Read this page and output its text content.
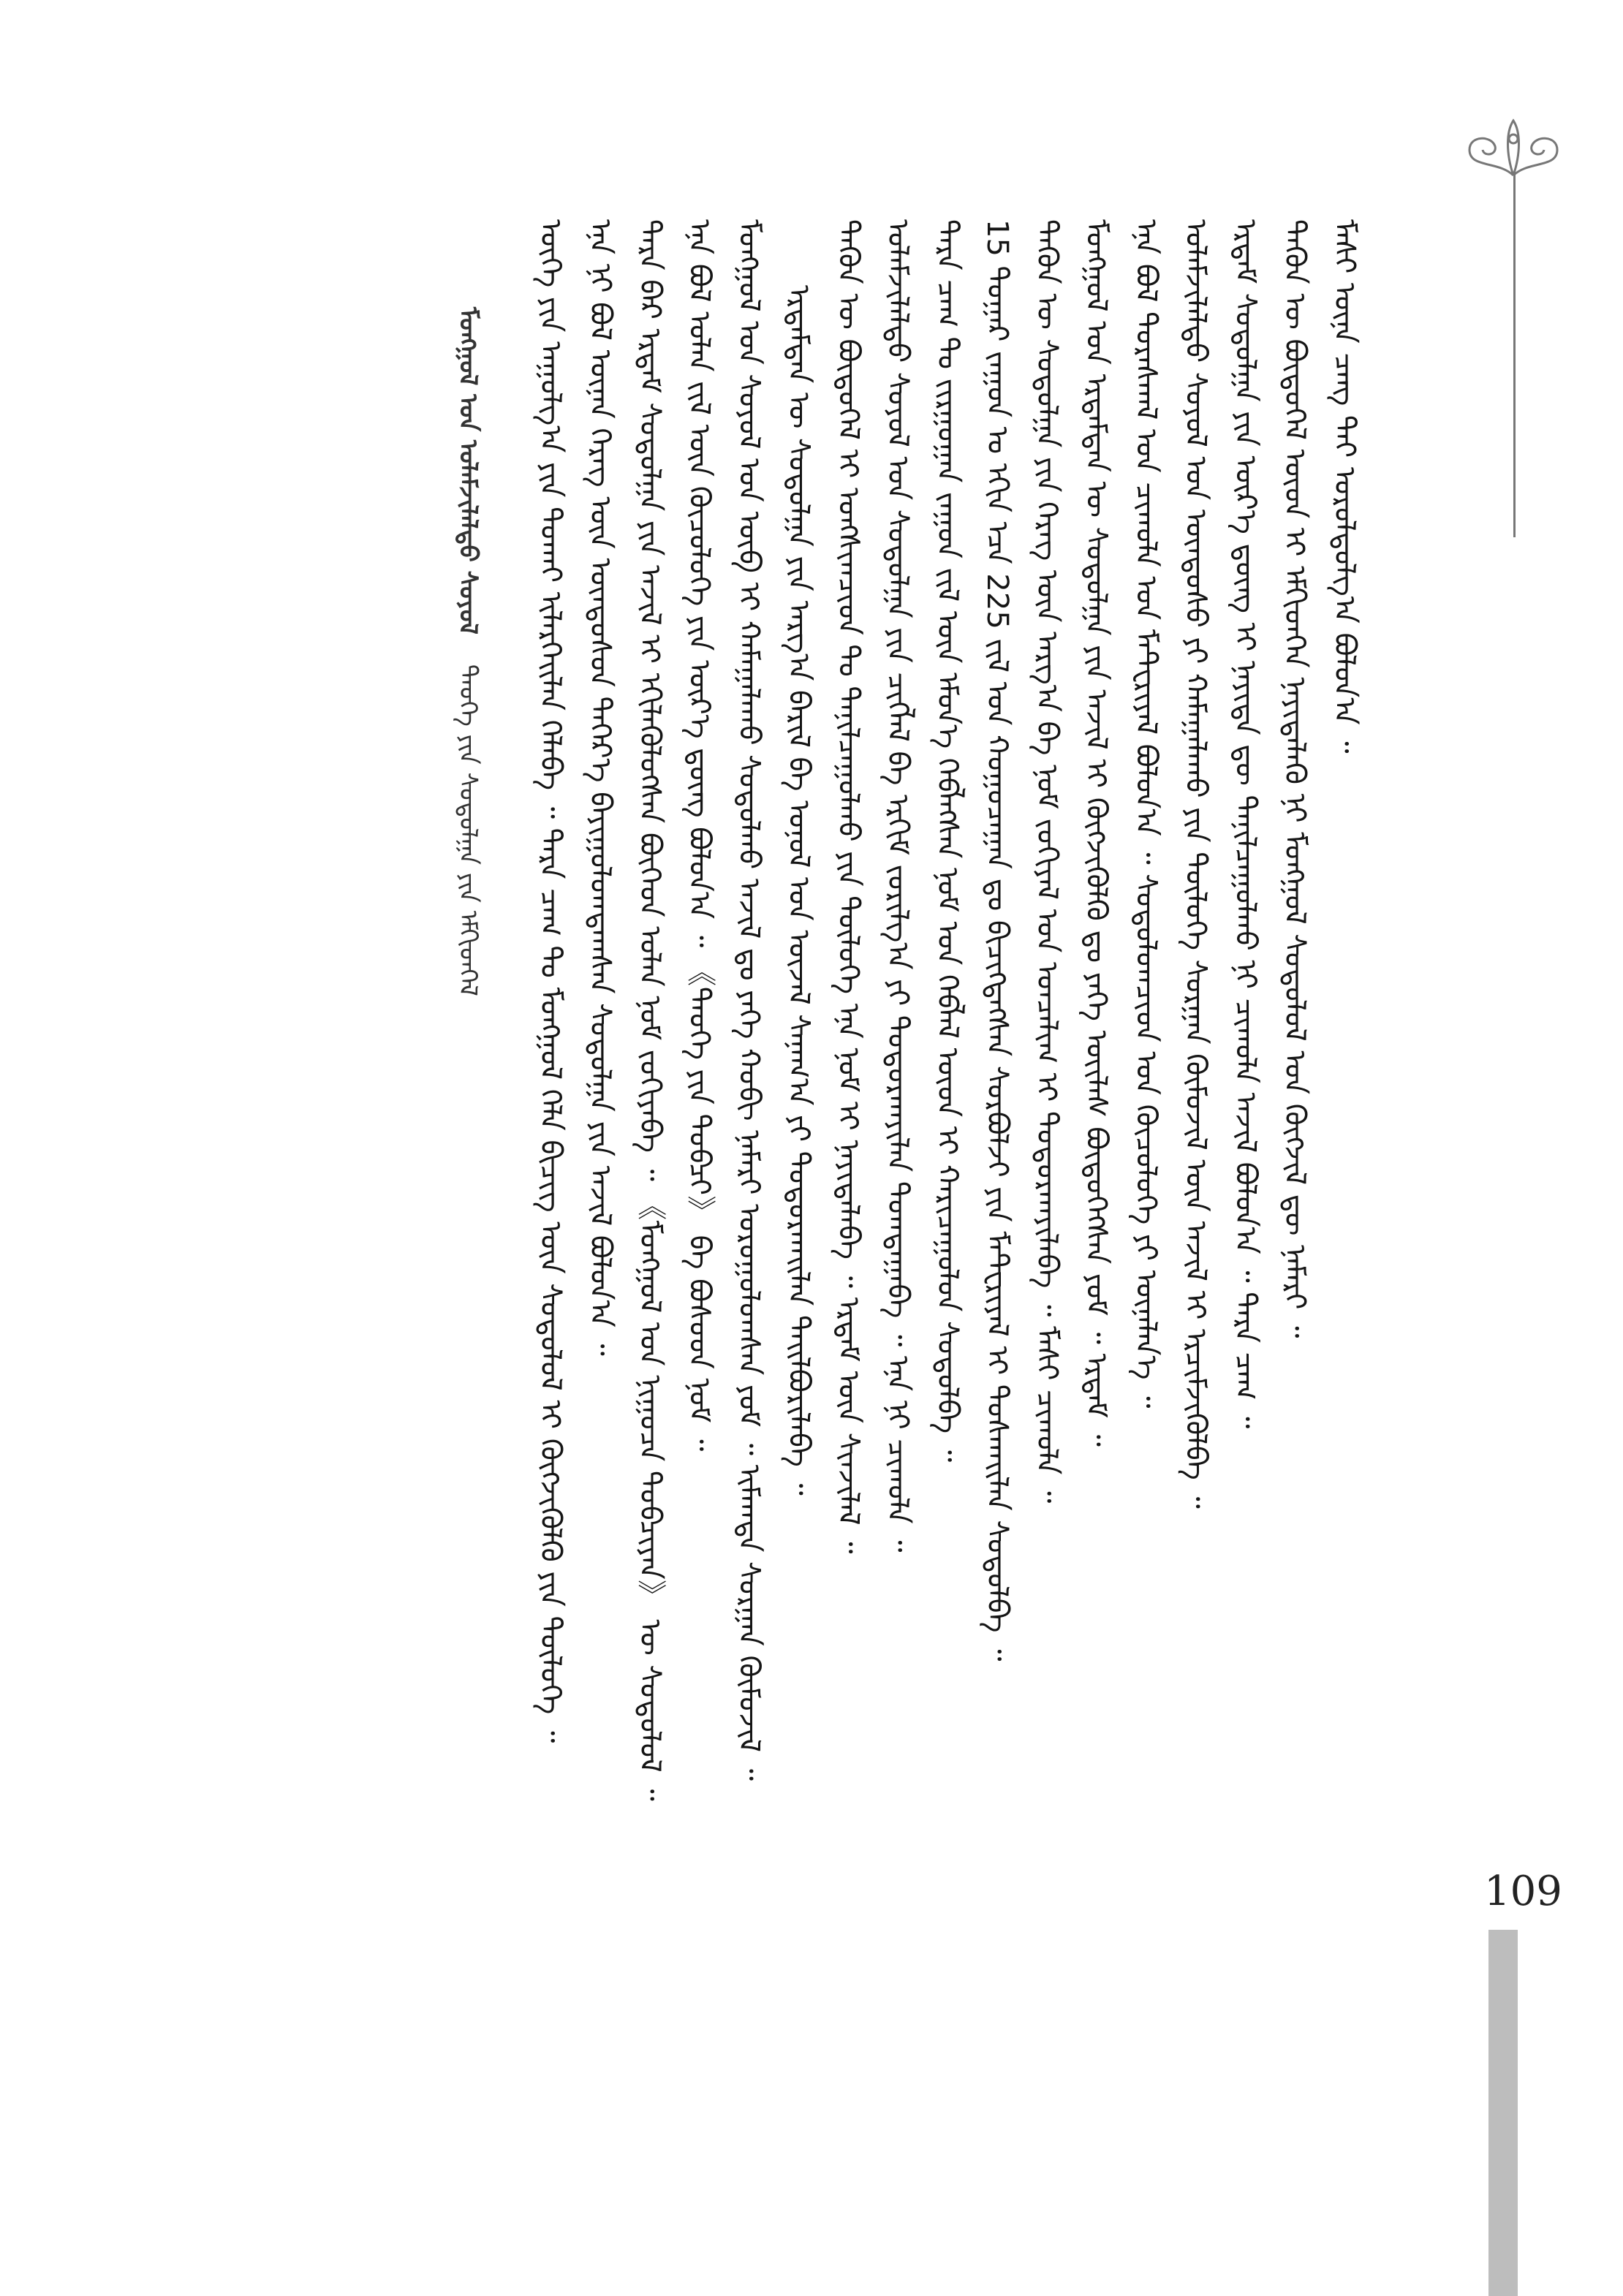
ᠮᠣᠩᠭᠣᠯ ᠤᠨ ᠤᠯᠠᠮᠵᠢᠯᠠᠯᠲᠤ ᠰᠣᠶᠣᠯ ᠲᠡᠦᠬᠡ ᠶᠢᠨ ᠰᠤᠳᠤᠯᠭᠠ ᠶᠢᠨ ᠡᠮᠬᠢᠳᠬᠡᠯ ᠦᠭᠡ ᠶᠢᠨ ᠠᠭᠤᠯᠭ᠎ᠠ ᠶᠢᠨ ᠲᠤᠬᠠᠢ ᠢᠯᠡᠷᠬᠡᠢᠯᠡᠨ ᠬᠡᠯᠡᠪᠡ ᠃ ᠲᠡᠷᠡ ᠴᠠᠭ ᠲᠤ ᠮᠣᠩᠭᠣᠯ ᠬᠡᠯᠡ ᠪᠢᠴᠢᠭ ᠦᠨ ᠰᠤᠳᠤᠯᠤᠯ ᠢ ᠬᠦᠭᠵᠢᠭᠦᠯᠬᠦ ᠶᠢᠨ ᠲᠥᠯᠥᠭᠡ ᠃ ᠡᠨᠡ ᠨᠢ ᠪᠣᠯ ᠦᠨᠡᠨ ᠬᠡᠷᠡᠭ ᠦᠨ ᠦᠨᠳᠦᠰᠦᠨ ᠳᠡᠭᠡᠷ᠎ᠡ ᠪᠠᠶᠢᠭᠤᠯᠤᠭᠳᠠᠭᠰᠠᠨ ᠰᠤᠳᠤᠯᠭᠠ ᠶᠢᠨ ᠠᠵᠢᠯ ᠪᠣᠯᠤᠨ᠎ᠠ ᠃ ᠲᠡᠷᠡ ᠪᠡᠷ ᠡᠷᠳᠡᠮ ᠰᠤᠳᠤᠯᠭᠠ ᠶᠢᠨ ᠠᠵᠢᠯ ᠢ ᠡᠬᠢᠯᠡᠭᠦᠯᠦᠭᠰᠡᠨ ᠪᠥᠭᠡᠳ ᠣᠯᠠᠨ ᠨᠣᠮ ᠵᠣᠬᠢᠶᠠᠪᠠ ᠃ 《ᠮᠣᠩᠭᠣᠯ ᠤᠨ ᠨᠢᠭᠤᠴᠠ ᠲᠣᠪᠴᠢᠶᠠᠨ》 ᠦ ᠰᠤᠳᠤᠯᠤᠯ ᠃ ᠡᠨᠡ ᠪᠣᠯ ᠣᠯᠠᠨ ᠵᠢᠯ ᠦᠨ ᠬᠦᠴᠦᠯᠦᠭᠡ ᠶᠢᠨ ᠦᠷ᠎ᠡ ᠳ᠋ᠦᠩ ᠪᠣᠯᠤᠨ᠎ᠠ ᠃ 《ᠲᠡᠦᠬᠡ ᠶᠢᠨ ᠲᠣᠪᠴᠢ》 ᠪᠠ ᠪᠤᠰᠤᠳ ᠨᠣᠮ ᠃ ᠮᠣᠩᠭᠣᠯ ᠤᠨ ᠰᠣᠶᠣᠯ ᠤᠨ ᠥᠪ ᠢ ᠬᠠᠮᠠᠭᠠᠯᠠᠬᠤ ᠰᠤᠳᠤᠯᠬᠤ ᠠᠵᠢᠯ ᠳᠤ ᠶᠡᠬᠡ ᠬᠤᠪᠢ ᠨᠡᠮᠡᠷᠢ ᠣᠷᠣᠭᠤᠯᠤᠭᠰᠠᠨ ᠶᠤᠮ ᠃ ᠢᠮᠠᠭᠲᠠ ᠰᠤᠷᠭᠠᠨ ᠬᠦᠮᠦᠵᠢᠯ ᠃ ᠡᠷᠳᠡᠮᠲᠡᠨ ᠦ ᠰᠤᠳᠤᠯᠭᠠ ᠶᠢᠨ ᠠᠷᠭ᠎ᠠ ᠪᠠᠷᠢᠯ ᠪᠠ ᠣᠨᠣᠯ ᠤᠨ ᠦᠵᠡᠯ ᠰᠠᠨᠠᠭ᠎ᠠ ᠶᠢ ᠲᠣᠳᠣᠷᠬᠠᠢᠯᠠᠨ ᠲᠠᠢᠯᠪᠤᠷᠢᠯᠠᠪᠠ ᠃ ᠲᠡᠭᠦᠨ ᠦ ᠪᠦᠲᠦᠭᠡᠯ ᠢ ᠤᠩᠰᠢᠭᠴᠢᠳ ᠲᠤ ᠲᠠᠨᠢᠯᠴᠠᠭᠤᠯᠬᠤ ᠶᠢᠨ ᠲᠥᠯᠥᠭᠡ ᠡᠨᠡ ᠨᠣᠮ ᠢ ᠨᠡᠶᠢᠲᠡᠯᠡᠪᠡ ᠃ ᠡᠷᠳᠡᠮ ᠦᠨ ᠰᠢᠨᠵᠢᠯᠡᠯ ᠃ ᠤᠯᠠᠮᠵᠢᠯᠠᠯᠲᠤ ᠰᠣᠶᠣᠯ ᠤᠨ ᠰᠤᠳᠤᠯᠭᠠ ᠶᠢᠨ ᠴᠢᠭᠯᠡᠯ ᠪᠠ ᠡᠷᠬᠢᠮ ᠵᠣᠷᠢᠯᠭ᠎ᠠ ᠶᠢ ᠲᠣᠳᠣᠷᠬᠠᠶᠢᠯᠠᠨ ᠲᠣᠭᠲᠠᠭᠠᠪᠠ ᠃ ᠡᠨᠡ ᠨᠢ ᠴᠢᠬᠤᠯᠠ ᠃ ᠲᠡᠷᠡ ᠴᠠᠭ ᠲᠤ ᠵᠢᠷᠭᠤᠭᠠᠨ ᠵᠠᠭᠤᠨ ᠵᠢᠯ ᠦᠨ ᠡᠮᠦᠨ᠎ᠡ ᠬᠡᠪᠯᠡᠭᠰᠡᠨ ᠨᠣᠮ ᠤᠨ ᠬᠡᠪᠯᠡᠯ ᠦᠳ ᠢ ᠬᠠᠷᠢᠴᠠᠭᠤᠯᠤᠨ ᠰᠤᠳᠤᠯᠪᠠ ᠃ 15 ᠳᠤᠭᠠᠷ ᠵᠠᠭᠤᠨ ᠤ ᠡᠬᠢᠨ ᠡᠴᠡ 225 ᠵᠢᠯ ᠤᠨ ᠬᠤᠭᠤᠴᠠᠭᠠᠨ ᠳᠤ ᠪᠢᠴᠢᠭᠳᠡᠭᠰᠡᠨ ᠰᠤᠷᠪᠤᠯᠵᠢ ᠶᠢᠨ ᠮᠠᠲ᠋ᠧᠷᠢᠶᠠᠯ ᠢ ᠲᠤᠰᠬᠠᠢᠯᠠᠨ ᠰᠤᠳᠤᠯᠪᠠ ᠃ ᠲᠡᠭᠦᠨ ᠦ ᠰᠤᠳᠤᠯᠭᠠ ᠶᠢᠨ ᠬᠡᠷᠡᠭ ᠦᠨ ᠠᠷᠭ᠎ᠠ ᠪᠠ ᠨᠣᠮ ᠵᠣᠬᠢᠶᠠᠯ ᠤᠨ ᠣᠨᠴᠠᠯᠢᠭ ᠢ ᠲᠣᠳᠣᠷᠬᠠᠶᠢᠯᠠᠪᠠ ᠃ ᠮᠠᠰᠢ ᠴᠢᠬᠤᠯᠠ ᠃ ᠮᠣᠩᠭᠣᠯ ᠤᠨ ᠡᠷᠳᠡᠮᠲᠡᠨ ᠦ ᠰᠤᠳᠤᠯᠭᠠ ᠶᠢᠨ ᠠᠵᠢᠯ ᠢ ᠬᠦᠭᠵᠢᠭᠦᠯᠬᠦ ᠳᠤ ᠶᠡᠬᠡ ᠦᠢᠯᠡᠰ ᠪᠦᠲᠦᠭᠡᠭᠰᠡᠨ ᠶᠤᠮ ᠃ ᠡᠷᠳᠡᠮ ᠃ ᠡᠨᠡ ᠪᠣᠯ ᠳᠤᠷᠠᠰᠬᠠᠯ ᠤᠨ ᠴᠢᠬᠤᠯᠠ ᠡᠳ ᠮᠠᠲ᠋ᠧᠷᠢᠶᠠᠯ ᠪᠣᠯᠤᠨ᠎ᠠ ᠃ ᠰᠤᠳᠤᠯᠤᠭᠴᠢᠳ ᠤᠨ ᠬᠦᠴᠦᠯᠦᠭᠡ ᠶᠢ ᠦᠨᠡᠯᠡᠨ᠎ᠡ ᠃ ᠤᠯᠠᠮᠵᠢᠯᠠᠯᠲᠤ ᠰᠣᠶᠣᠯ ᠤᠨ ᠦᠨᠳᠦᠰᠦ ᠶᠢ ᠬᠠᠮᠠᠭᠠᠯᠠᠬᠤ ᠶᠢᠨ ᠲᠥᠯᠥᠭᠡ ᠰᠤᠷᠭᠠᠨ ᠬᠦᠮᠦᠵᠢᠯ ᠦᠨ ᠠᠵᠢᠯ ᠢ ᠡᠷᠴᠢᠮᠵᠢᠭᠦᠯᠪᠡ ᠃ ᠡᠷᠳᠡᠮ ᠰᠤᠳᠤᠯᠭᠠ ᠶᠢᠨ ᠦᠷ᠎ᠡ ᠳ᠋ᠦᠩ ᠢ ᠨᠡᠶᠢᠲᠡ ᠳᠦ ᠲᠠᠨᠢᠯᠴᠠᠭᠤᠯᠬᠤ ᠨᠢ ᠴᠢᠬᠤᠯᠠ ᠠᠵᠢᠯ ᠪᠣᠯᠤᠨ᠎ᠠ ᠃ ᠲᠡᠷᠡ ᠴᠠᠭ ᠃ ᠲᠡᠭᠦᠨ ᠦ ᠪᠦᠲᠦᠭᠡᠯ ᠦᠳ ᠢ ᠡᠮᠬᠢᠳᠬᠡᠨ ᠨᠡᠶᠢᠲᠡᠯᠡᠬᠦ ᠨᠢ ᠮᠣᠩᠭᠣᠯ ᠰᠤᠳᠤᠯᠤᠯ ᠤᠨ ᠬᠦᠭᠵᠢᠯ ᠳᠦ ᠨᠡᠮᠡᠷᠢ ᠃ ᠮᠠᠰᠢ ᠦᠨᠡ ᠴᠡᠩ ᠲᠡᠢ ᠣᠷᠣᠯᠳᠤᠯᠭ᠎ᠠ ᠪᠣᠯᠤᠨ᠎ᠠ ᠃
109
